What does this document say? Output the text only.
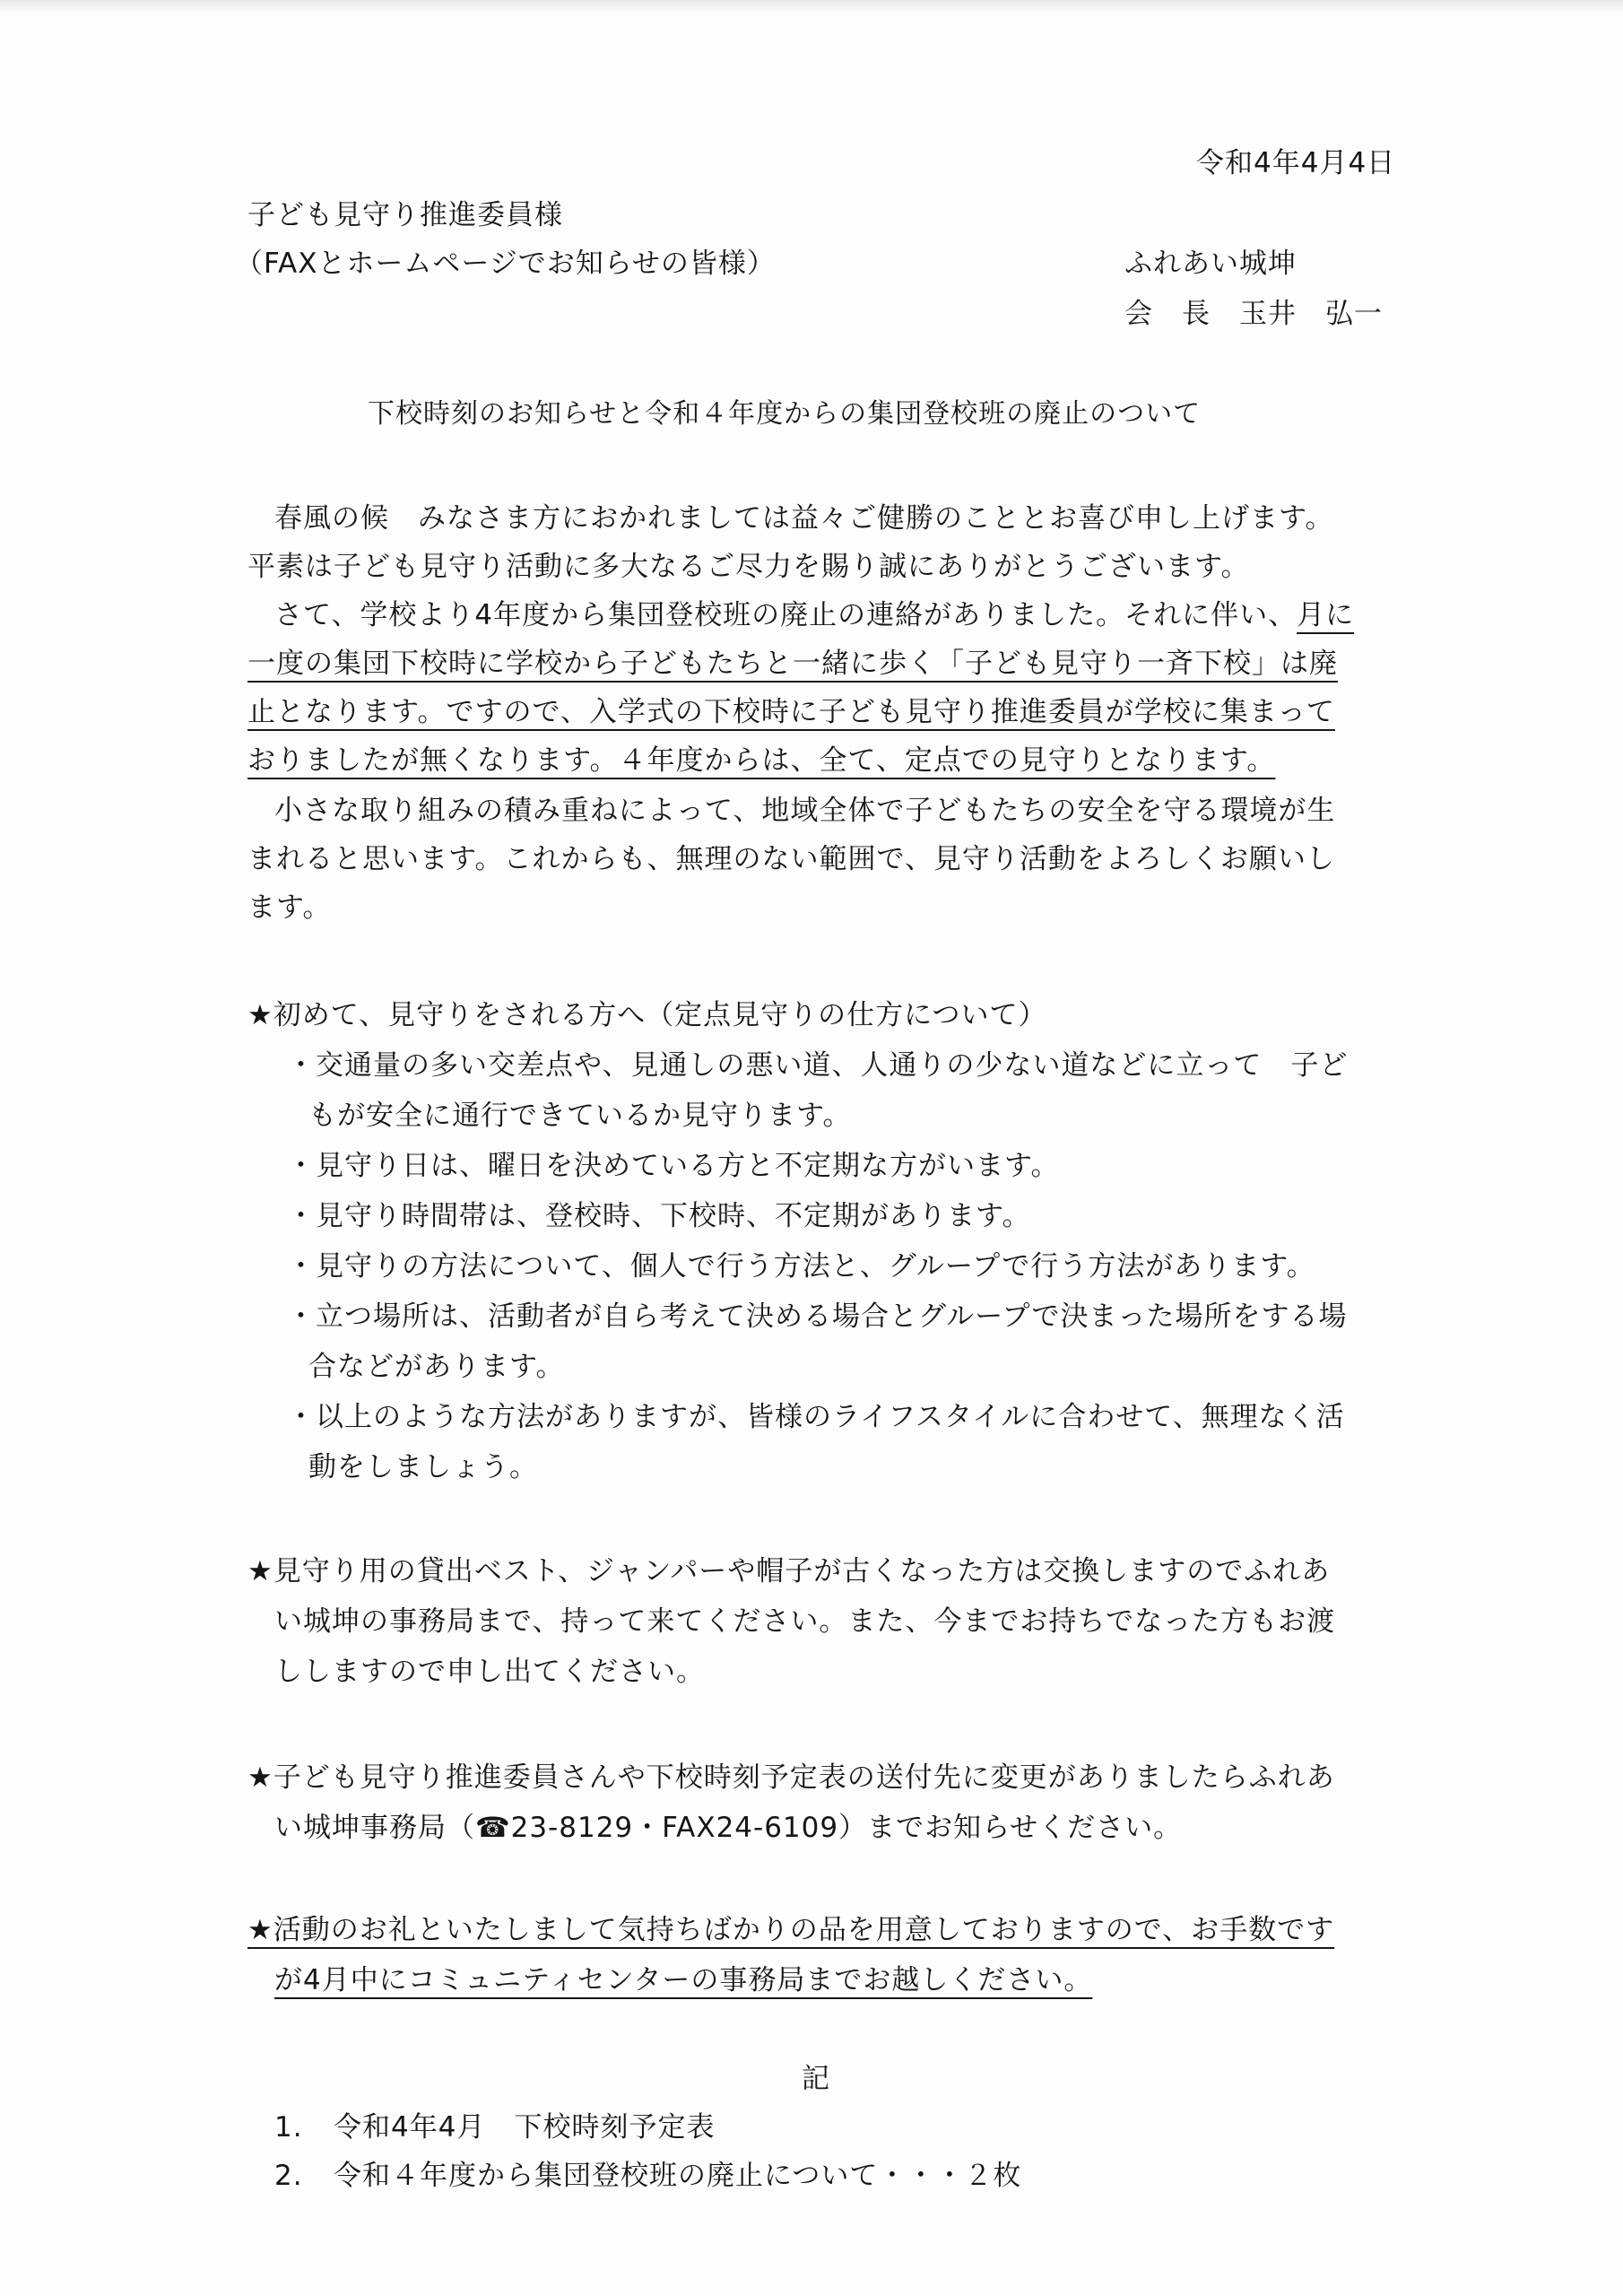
令和4年4月4日
子ども見守り推進委員様
（FAXとホームページでお知らせの皆様）	ふれあい城坤
会　長　玉井　弘一
下校時刻のお知らせと令和４年度からの集団登校班の廃止のついて
春風の候　みなさま方におかれましては益々ご健勝のこととお喜び申し上げます。
平素は子ども見守り活動に多大なるご尽力を賜り誠にありがとうございます。
さて、学校より4年度から集団登校班の廃止の連絡がありました。それに伴い、月に
一度の集団下校時に学校から子どもたちと一緒に歩く「子ども見守り一斉下校」は廃
止となります。ですので、入学式の下校時に子ども見守り推進委員が学校に集まって
おりましたが無くなります。４年度からは、全て、定点での見守りとなります。
小さな取り組みの積み重ねによって、地域全体で子どもたちの安全を守る環境が生
まれると思います。これからも、無理のない範囲で、見守り活動をよろしくお願いし
ます。
★初めて、見守りをされる方へ（定点見守りの仕方について）
・交通量の多い交差点や、見通しの悪い道、人通りの少ない道などに立って　子ど
もが安全に通行できているか見守ります。
・見守り日は、曜日を決めている方と不定期な方がいます。
・見守り時間帯は、登校時、下校時、不定期があります。
・見守りの方法について、個人で行う方法と、グループで行う方法があります。
・立つ場所は、活動者が自ら考えて決める場合とグループで決まった場所をする場
合などがあります。
・以上のような方法がありますが、皆様のライフスタイルに合わせて、無理なく活
動をしましょう。
★見守り用の貸出ベスト、ジャンパーや帽子が古くなった方は交換しますのでふれあ
い城坤の事務局まで、持って来てください。また、今までお持ちでなった方もお渡
ししますので申し出てください。
★子ども見守り推進委員さんや下校時刻予定表の送付先に変更がありましたらふれあ
い城坤事務局（☎23-8129・FAX24-6109）までお知らせください。
★活動のお礼といたしまして気持ちばかりの品を用意しておりますので、お手数です
が4月中にコミュニティセンターの事務局までお越しください。
記
1. 令和4年4月　下校時刻予定表
2. 令和４年度から集団登校班の廃止について・・・２枚
